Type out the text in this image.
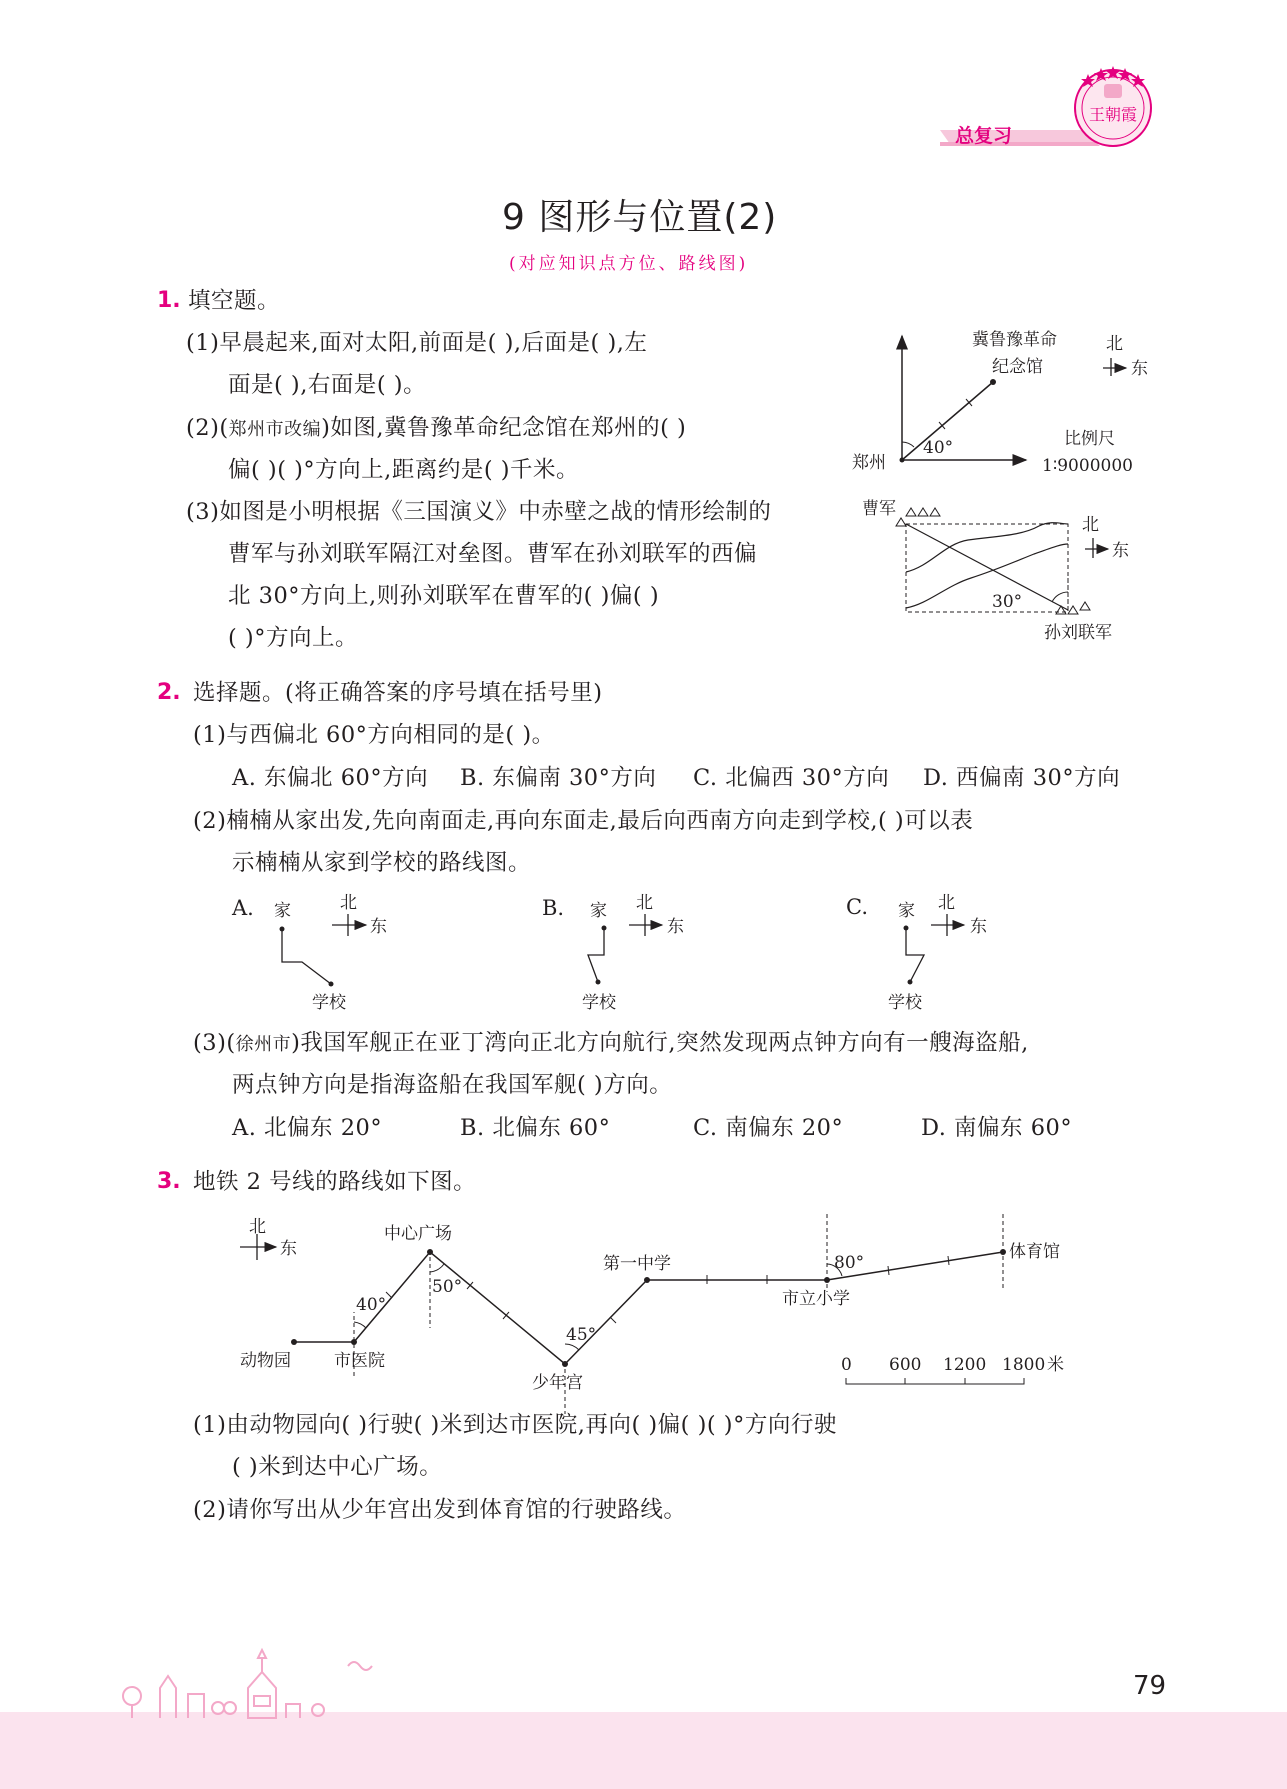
总复习
王朝霞
9 图形与位置(2)
(对应知识点方位、路线图)
1. 填空题。
(1)早晨起来,面对太阳,前面是( ),后面是( ),左
面是( ),右面是( )。
(2)(郑州市改编)如图,冀鲁豫革命纪念馆在郑州的( )
偏( )( )°方向上,距离约是( )千米。
(3)如图是小明根据《三国演义》中赤壁之战的情形绘制的
曹军与孙刘联军隔江对垒图。曹军在孙刘联军的西偏
北 30°方向上,则孙刘联军在曹军的( )偏( )
( )°方向上。
40°
冀鲁豫革命
纪念馆
郑州
比例尺
1∶9000000
北
东
30°
曹军
孙刘联军
北
东
2. 选择题。(将正确答案的序号填在括号里)
(1)与西偏北 60°方向相同的是( )。
A. 东偏北 60°方向 B. 东偏南 30°方向 C. 北偏西 30°方向 D. 西偏南 30°方向
(2)楠楠从家出发,先向南面走,再向东面走,最后向西南方向走到学校,( )可以表
示楠楠从家到学校的路线图。
A. 家
学校
北
东
B. 家
学校
北
东
C. 家
学校
北
东
(3)(徐州市)我国军舰正在亚丁湾向正北方向航行,突然发现两点钟方向有一艘海盗船,
两点钟方向是指海盗船在我国军舰( )方向。
A. 北偏东 20°	B. 北偏东 60°	C. 南偏东 20°	D. 南偏东 60°
3. 地铁 2 号线的路线如下图。
北
东
40°
50°
45°
80°
动物园	市医院
中心广场
少年宫
第一中学
市立小学
体育馆
0 600 1200 1800 米
(1)由动物园向( )行驶( )米到达市医院,再向( )偏( )( )°方向行驶
( )米到达中心广场。
(2)请你写出从少年宫出发到体育馆的行驶路线。
79
